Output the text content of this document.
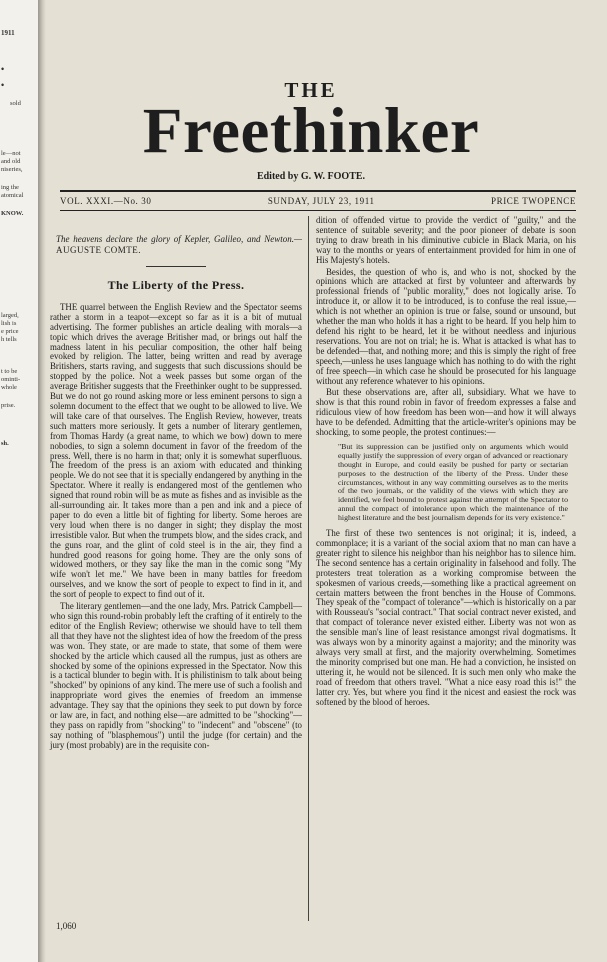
1911
•
•
sold
le—not
and old
niseries,
ing the
atomical
KNOW.
larged,
lish is
e price
h tells
t to be
ominti-
whole
prise.
sh.
THE
Freethinker
Edited by G. W. FOOTE.
VOL. XXXI.—No. 30	SUNDAY, JULY 23, 1911	PRICE TWOPENCE
The heavens declare the glory of Kepler, Galileo, and Newton.—AUGUSTE COMTE.
The Liberty of the Press.

THE quarrel between the English Review and the Spectator seems rather a storm in a teapot—except so far as it is a bit of mutual advertising. The former publishes an article dealing with morals—a topic which drives the average Britisher mad, or brings out half the madness latent in his peculiar composition, the other half being evoked by religion. The latter, being written and read by average Britishers, starts raving, and suggests that such discussions should be stopped by the police. Not a week passes but some organ of the average Britisher suggests that the Freethinker ought to be suppressed. But we do not go round asking more or less eminent persons to sign a solemn document to the effect that we ought to be allowed to live. We will take care of that ourselves. The English Review, however, treats such matters more seriously. It gets a number of literary gentlemen, from Thomas Hardy (a great name, to which we bow) down to mere nobodies, to sign a solemn document in favor of the freedom of the press. Well, there is no harm in that; only it is somewhat superfluous. The freedom of the press is an axiom with educated and thinking people. We do not see that it is specially endangered by anything in the Spectator. Where it really is endangered most of the gentlemen who signed that round robin will be as mute as fishes and as invisible as the all-surrounding air. It takes more than a pen and ink and a piece of paper to do even a little bit of fighting for liberty. Some heroes are very loud when there is no danger in sight; they display the most irresistible valor. But when the trumpets blow, and the sides crack, and the guns roar, and the glint of cold steel is in the air, they find a hundred good reasons for going home. They are the only sons of widowed mothers, or they say like the man in the comic song "My wife won't let me." We have been in many battles for freedom ourselves, and we know the sort of people to expect to find in it, and the sort of people to expect to find out of it.

The literary gentlemen—and the one lady, Mrs. Patrick Campbell—who sign this round-robin probably left the crafting of it entirely to the editor of the English Review; otherwise we should have to tell them all that they have not the slightest idea of how the freedom of the press was won. They state, or are made to state, that some of them were shocked by the article which caused all the rumpus, just as others are shocked by some of the opinions expressed in the Spectator. Now this is a tactical blunder to begin with. It is philistinism to talk about being "shocked" by opinions of any kind. The mere use of such a foolish and inappropriate word gives the enemies of freedom an immense advantage. They say that the opinions they seek to put down by force or law are, in fact, and nothing else—are admitted to be "shocking"—they pass on rapidly from "shocking" to "indecent" and "obscene" (to say nothing of "blasphemous") until the judge (for certain) and the jury (most probably) are in the requisite con-

dition of offended virtue to provide the verdict of "guilty," and the sentence of suitable severity; and the poor pioneer of debate is soon trying to draw breath in his diminutive cubicle in Black Maria, on his way to the months or years of entertainment provided for him in one of His Majesty's hotels.

Besides, the question of who is, and who is not, shocked by the opinions which are attacked at first by volunteer and afterwards by professional friends of "public morality," does not logically arise. To introduce it, or allow it to be introduced, is to confuse the real issue,—which is not whether an opinion is true or false, sound or unsound, but whether the man who holds it has a right to be heard. If you help him to defend his right to be heard, let it be without needless and injurious reservations. You are not on trial; he is. What is attacked is what has to be defended—that, and nothing more; and this is simply the right of free speech,—unless he uses language which has nothing to do with the right of free speech—in which case he should be prosecuted for his language without any reference whatever to his opinions.

But these observations are, after all, subsidiary. What we have to show is that this round robin in favor of freedom expresses a false and ridiculous view of how freedom has been won—and how it will always have to be defended. Admitting that the article-writer's opinions may be shocking, to some people, the protest continues:—

"But its suppression can be justified only on arguments which would equally justify the suppression of every organ of advanced or reactionary thought in Europe, and could easily be pushed for party or sectarian purposes to the destruction of the liberty of the Press. Under these circumstances, without in any way committing ourselves as to the merits of the two journals, or the validity of the views with which they are identified, we feel bound to protest against the attempt of the Spectator to annul the compact of intolerance upon which the maintenance of the highest literature and the best journalism depends for its very existence."

The first of these two sentences is not original; it is, indeed, a commonplace; it is a variant of the social axiom that no man can have a greater right to silence his neighbor than his neighbor has to silence him. The second sentence has a certain originality in falsehood and folly. The protesters treat toleration as a working compromise between the spokesmen of various creeds,—something like a practical agreement on certain matters between the front benches in the House of Commons. They speak of the "compact of tolerance"—which is historically on a par with Rousseau's "social contract." That social contract never existed, and that compact of tolerance never existed either. Liberty was not won as the sensible man's line of least resistance amongst rival dogmatisms. It was always won by a minority against a majority; and the minority was always very small at first, and the majority overwhelming. Sometimes the minority comprised but one man. He had a conviction, he insisted on uttering it, he would not be silenced. It is such men only who make the road of freedom that others travel. "What a nice easy road this is!" the latter cry. Yes, but where you find it the nicest and easiest the rock was softened by the blood of heroes.

1,060
